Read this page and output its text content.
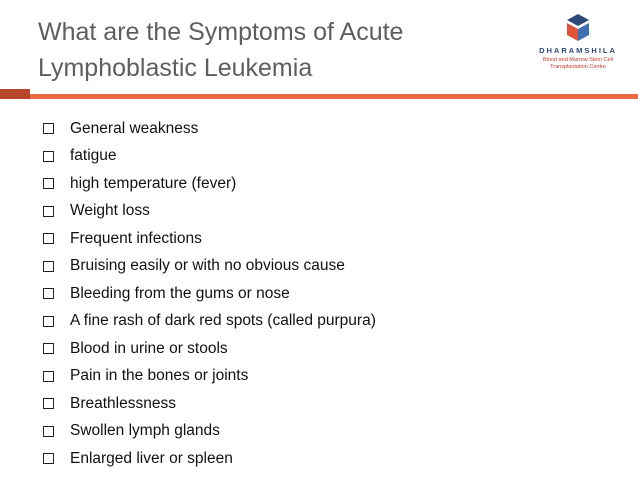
What are the Symptoms of Acute
Lymphoblastic Leukemia
DHARAMSHILA
Blood and Marrow Stem Cell
Transplantation Centre
General weakness
fatigue
high temperature (fever)
Weight loss
Frequent infections
Bruising easily or with no obvious cause
Bleeding from the gums or nose
A fine rash of dark red spots (called purpura)
Blood in urine or stools
Pain in the bones or joints
Breathlessness
Swollen lymph glands
Enlarged liver or spleen
